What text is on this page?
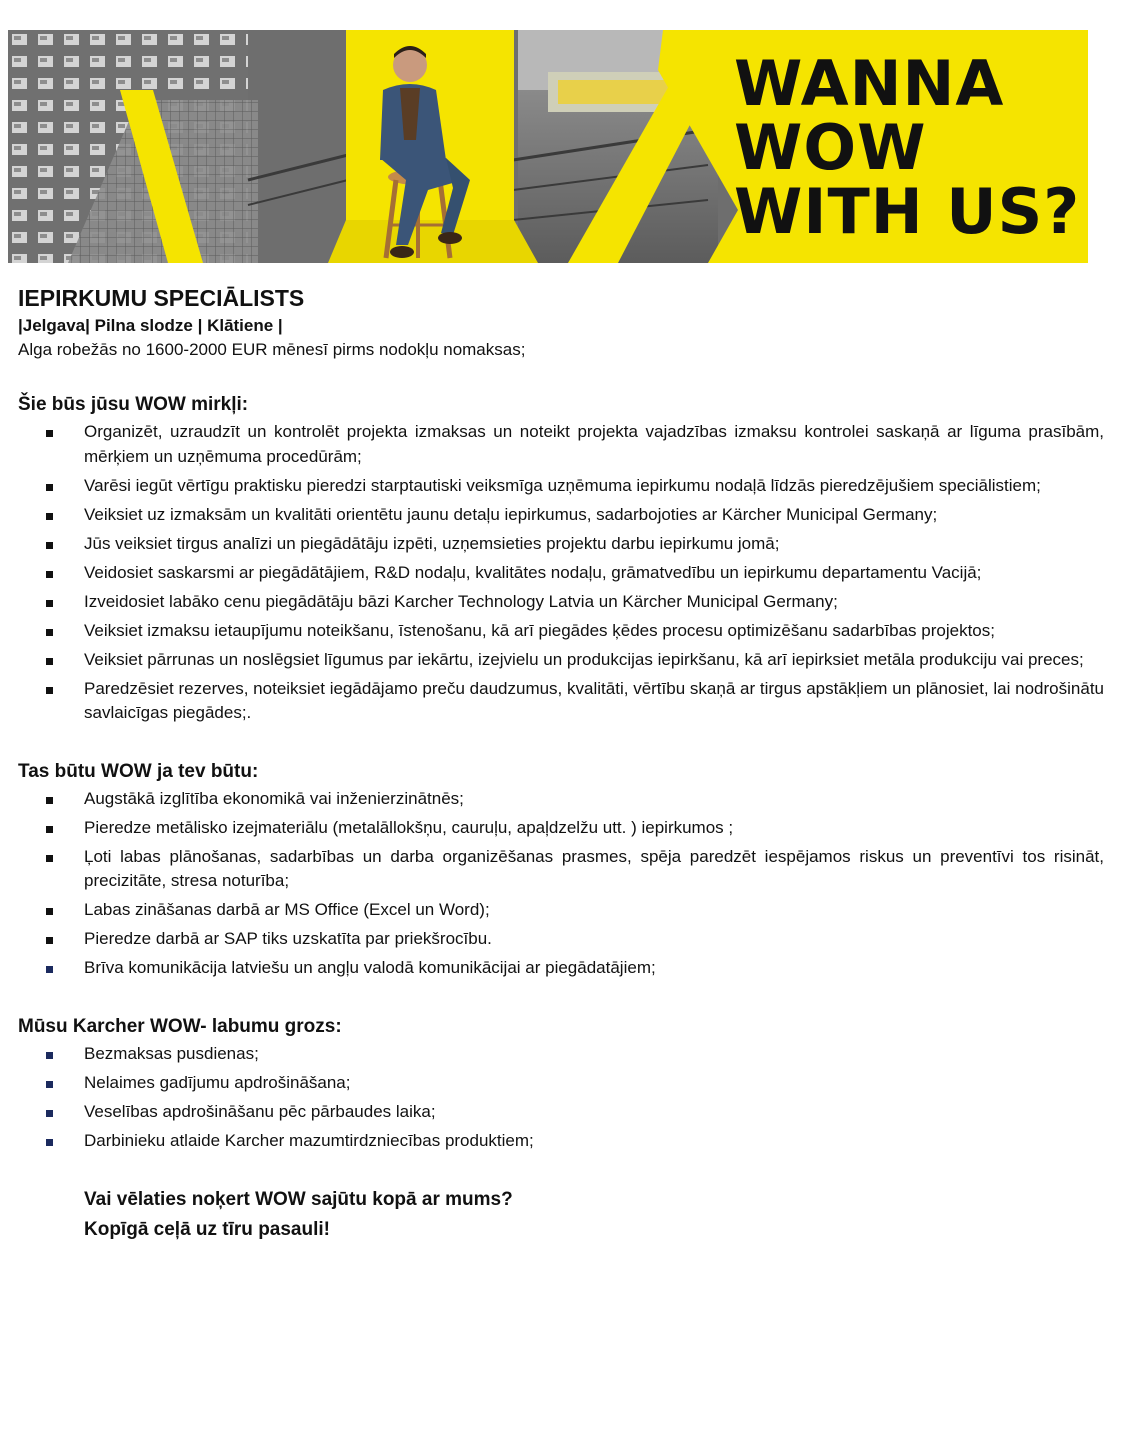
WANNA
WOW
WITH US?
IEPIRKUMU SPECIĀLISTS

|Jelgava| Pilna slodze | Klātiene |

Alga robežās no 1600-2000 EUR mēnesī pirms nodokļu nomaksas;

Šie būs jūsu WOW mirkļi:
Organizēt, uzraudzīt un kontrolēt projekta izmaksas un noteikt projekta vajadzības izmaksu kontrolei saskaņā ar līguma prasībām, mērķiem un uzņēmuma procedūrām;
Varēsi iegūt vērtīgu praktisku pieredzi starptautiski veiksmīga uzņēmuma iepirkumu nodaļā līdzās pieredzējušiem speciālistiem;
Veiksiet uz izmaksām un kvalitāti orientētu jaunu detaļu iepirkumus, sadarbojoties ar Kärcher Municipal Germany;
Jūs veiksiet tirgus analīzi un piegādātāju izpēti, uzņemsieties projektu darbu iepirkumu jomā;
Veidosiet saskarsmi ar piegādātājiem, R&D nodaļu, kvalitātes nodaļu, grāmatvedību un iepirkumu departamentu Vacijā;
Izveidosiet labāko cenu piegādātāju bāzi Karcher Technology Latvia un Kärcher Municipal Germany;
Veiksiet izmaksu ietaupījumu noteikšanu, īstenošanu, kā arī piegādes ķēdes procesu optimizēšanu sadarbības projektos;
Veiksiet pārrunas un noslēgsiet līgumus par iekārtu, izejvielu un produkcijas iepirkšanu, kā arī iepirksiet metāla produkciju vai preces;
Paredzēsiet rezerves, noteiksiet iegādājamo preču daudzumus, kvalitāti, vērtību skaņā ar tirgus apstākļiem un plānosiet, lai nodrošinātu savlaicīgas piegādes;.
Tas būtu WOW ja tev būtu:
Augstākā izglītība ekonomikā vai inženierzinātnēs;
Pieredze metālisko izejmateriālu (metalāllokšņu, cauruļu, apaļdzelžu utt. ) iepirkumos ;
Ļoti labas plānošanas, sadarbības un darba organizēšanas prasmes, spēja paredzēt iespējamos riskus un preventīvi tos risināt, precizitāte, stresa noturība;
Labas zināšanas darbā ar MS Office (Excel un Word);
Pieredze darbā ar SAP tiks uzskatīta par priekšrocību.
Brīva komunikācija latviešu un angļu valodā komunikācijai ar piegādatājiem;
Mūsu Karcher WOW- labumu grozs:
Bezmaksas pusdienas;
Nelaimes gadījumu apdrošināšana;
Veselības apdrošināšanu pēc pārbaudes laika;
Darbinieku atlaide Karcher mazumtirdzniecības produktiem;

Vai vēlaties noķert WOW sajūtu kopā ar mums?

Kopīgā ceļā uz tīru pasauli!
